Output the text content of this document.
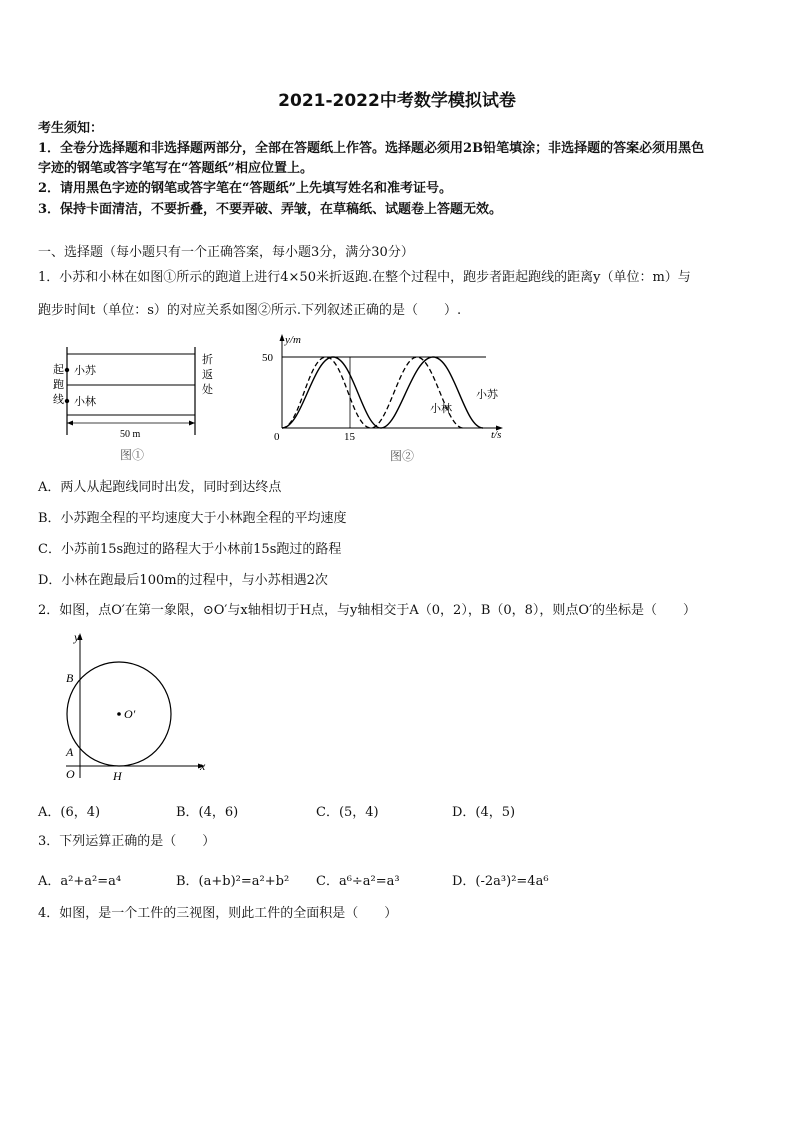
2021-2022中考数学模拟试卷
考生须知：
1．全卷分选择题和非选择题两部分，全部在答题纸上作答。选择题必须用2B铅笔填涂；非选择题的答案必须用黑色
字迹的钢笔或答字笔写在“答题纸”相应位置上。
2．请用黑色字迹的钢笔或答字笔在“答题纸”上先填写姓名和准考证号。
3．保持卡面清洁，不要折叠，不要弄破、弄皱，在草稿纸、试题卷上答题无效。
一、选择题（每小题只有一个正确答案，每小题3分，满分30分）
1．小苏和小林在如图①所示的跑道上进行4×50米折返跑.在整个过程中，跑步者距起跑线的距离y（单位：m）与
跑步时间t（单位：s）的对应关系如图②所示.下列叙述正确的是（　　）.
起
跑
线
折
返
处
小苏
小林
50 m
图①
y/m
t/s
50
15
0
小苏
小林
图②
A．两人从起跑线同时出发，同时到达终点
B．小苏跑全程的平均速度大于小林跑全程的平均速度
C．小苏前15s跑过的路程大于小林前15s跑过的路程
D．小林在跑最后100m的过程中，与小苏相遇2次
2．如图，点O′在第一象限，⊙O′与x轴相切于H点，与y轴相交于A（0，2），B（0，8），则点O′的坐标是（　　）
y
x
O
B
A
H
O′
A．(6，4)	B．(4，6)	C．(5，4)	D．(4，5)
3．下列运算正确的是（　　）
A．a²+a²=a⁴	B．(a+b)²=a²+b² C．a⁶÷a²=a³	D．(-2a³)²=4a⁶
4．如图，是一个工件的三视图，则此工件的全面积是（　　）
